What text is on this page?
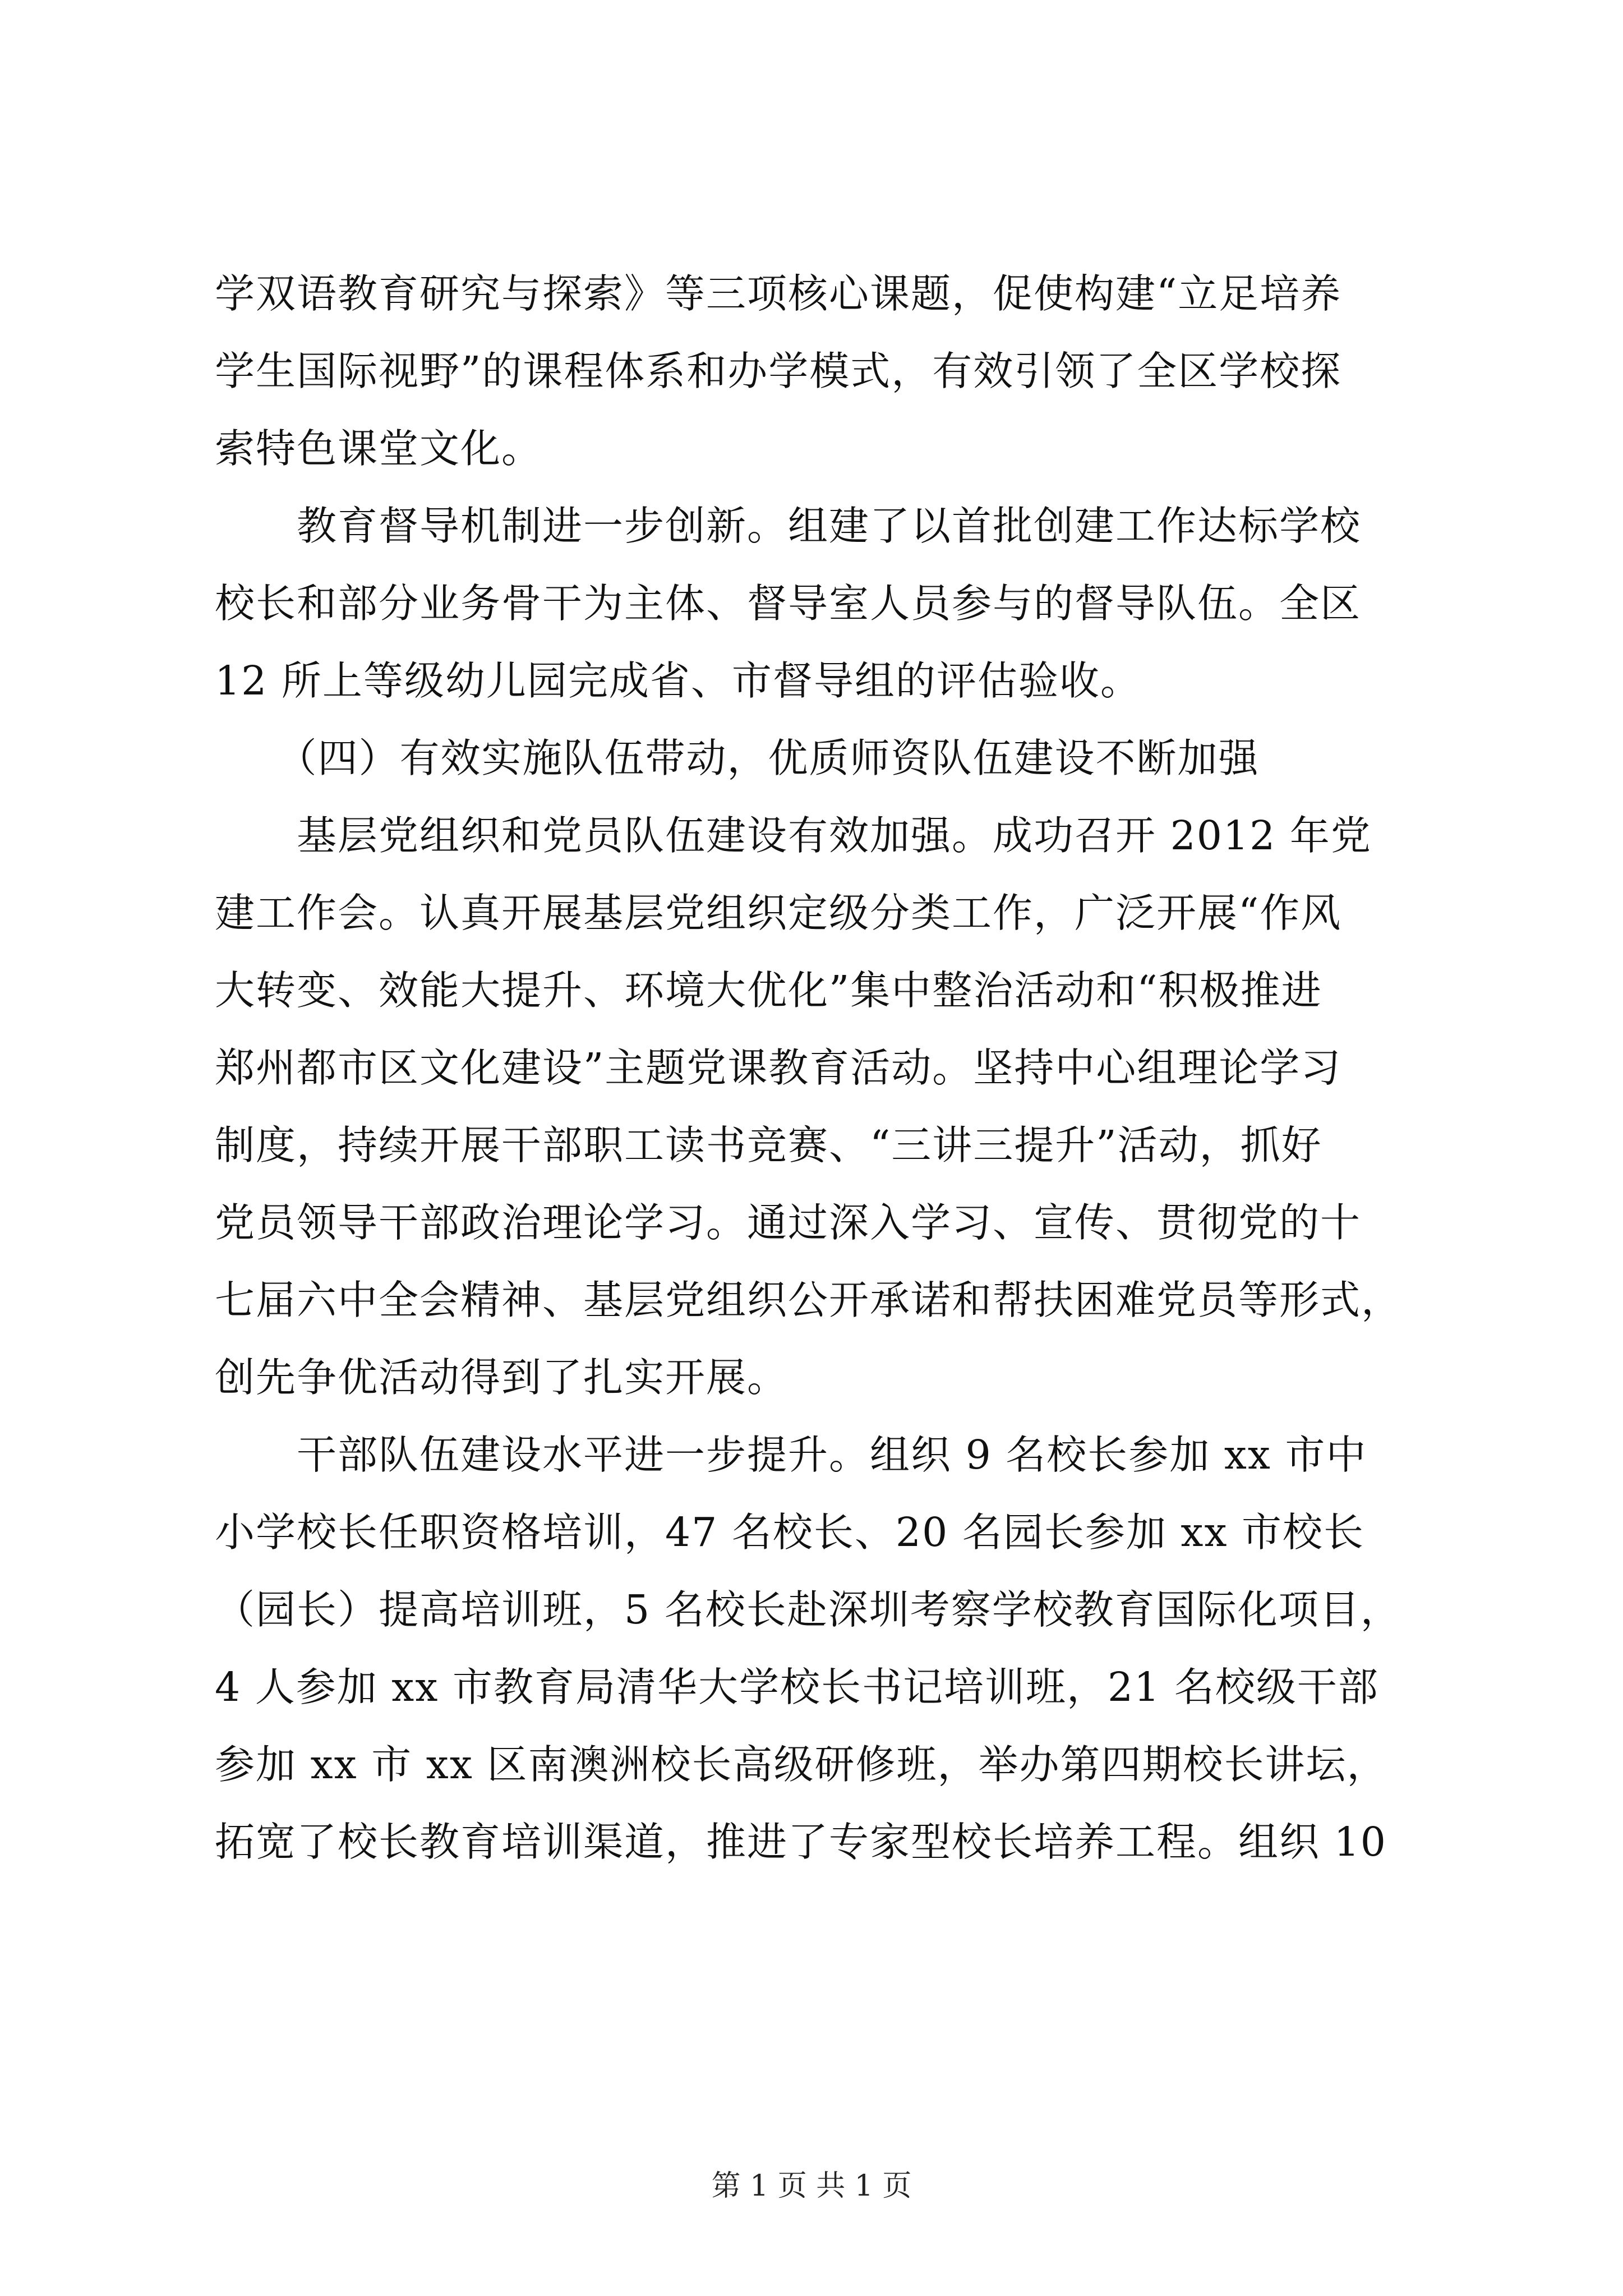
学双语教育研究与探索》等三项核心课题，促使构建“立足培养
学生国际视野”的课程体系和办学模式，有效引领了全区学校探
索特色课堂文化。
　　教育督导机制进一步创新。组建了以首批创建工作达标学校
校长和部分业务骨干为主体、督导室人员参与的督导队伍。全区
12 所上等级幼儿园完成省、市督导组的评估验收。
　　（四）有效实施队伍带动，优质师资队伍建设不断加强
　　基层党组织和党员队伍建设有效加强。成功召开 2012 年党
建工作会。认真开展基层党组织定级分类工作，广泛开展“作风
大转变、效能大提升、环境大优化”集中整治活动和“积极推进
郑州都市区文化建设”主题党课教育活动。坚持中心组理论学习
制度，持续开展干部职工读书竞赛、“三讲三提升”活动，抓好
党员领导干部政治理论学习。通过深入学习、宣传、贯彻党的十
七届六中全会精神、基层党组织公开承诺和帮扶困难党员等形式，
创先争优活动得到了扎实开展。
　　干部队伍建设水平进一步提升。组织 9 名校长参加 xx 市中
小学校长任职资格培训，47 名校长、20 名园长参加 xx 市校长
（园长）提高培训班，5 名校长赴深圳考察学校教育国际化项目，
4 人参加 xx 市教育局清华大学校长书记培训班，21 名校级干部
参加 xx 市 xx 区南澳洲校长高级研修班，举办第四期校长讲坛，
拓宽了校长教育培训渠道，推进了专家型校长培养工程。组织 10
第 1 页 共 1 页
